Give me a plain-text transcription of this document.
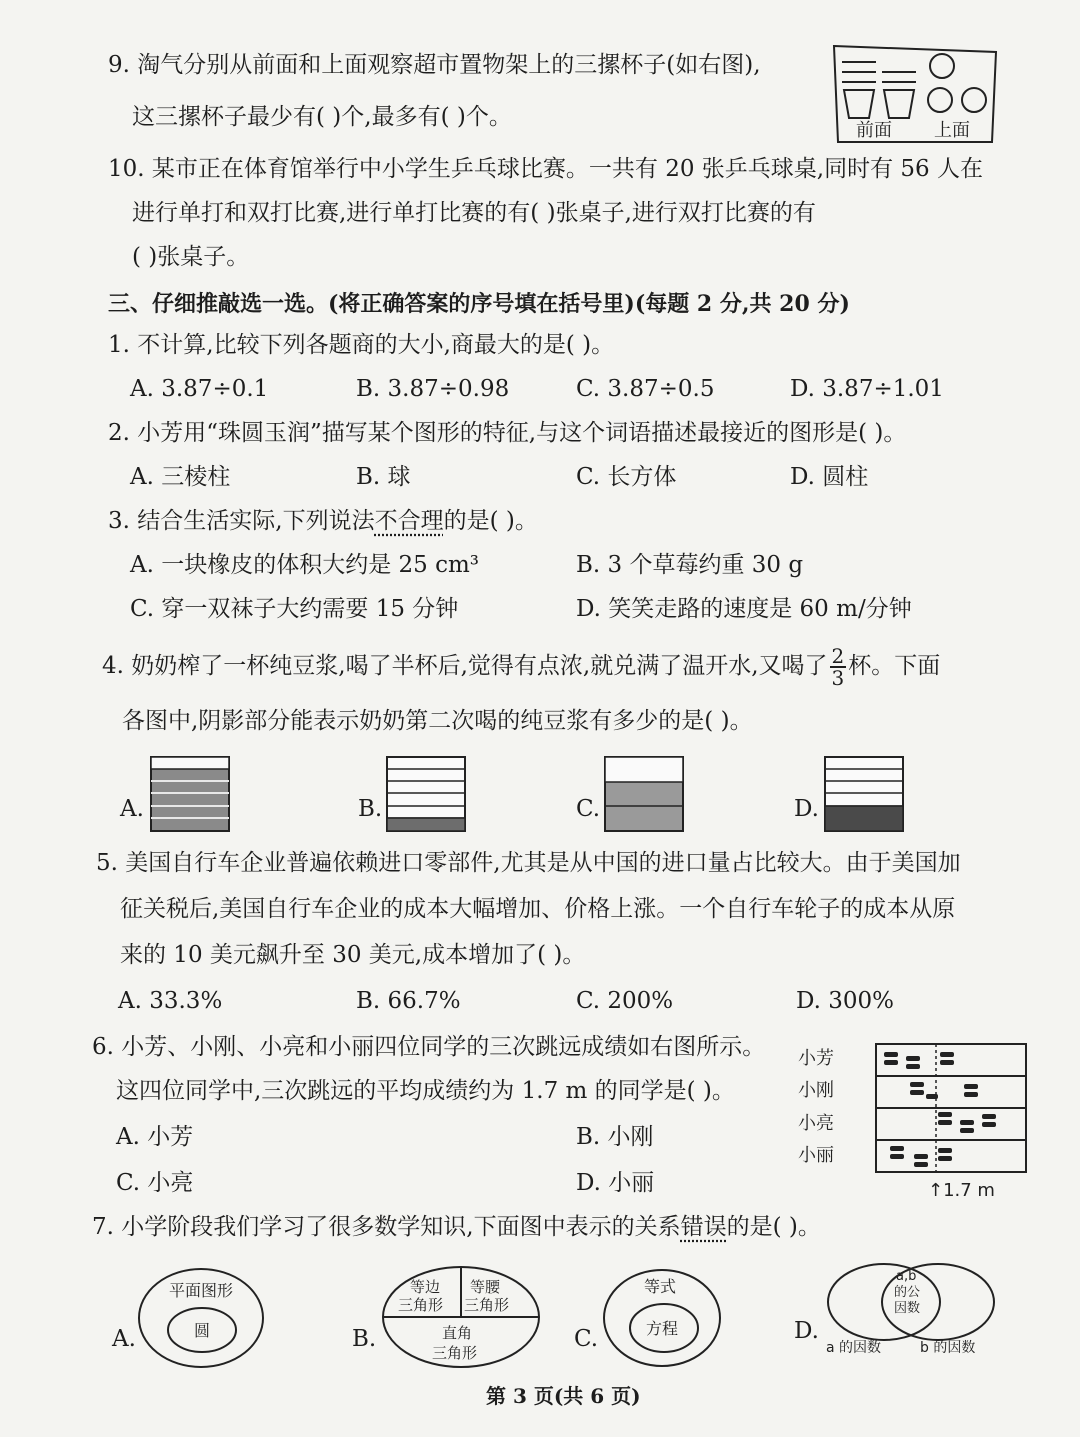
9. 淘气分别从前面和上面观察超市置物架上的三摞杯子(如右图),
这三摞杯子最少有( )个,最多有( )个。
前面 上面
10. 某市正在体育馆举行中小学生乒乓球比赛。一共有 20 张乒乓球桌,同时有 56 人在
进行单打和双打比赛,进行单打比赛的有( )张桌子,进行双打比赛的有
( )张桌子。
三、仔细推敲选一选。(将正确答案的序号填在括号里)(每题 2 分,共 20 分)
1. 不计算,比较下列各题商的大小,商最大的是( )。
A. 3.87÷0.1	B. 3.87÷0.98	C. 3.87÷0.5	D. 3.87÷1.01
2. 小芳用“珠圆玉润”描写某个图形的特征,与这个词语描述最接近的图形是( )。
A. 三棱柱	B. 球	C. 长方体	D. 圆柱
3. 结合生活实际,下列说法不合理的是( )。
A. 一块橡皮的体积大约是 25 cm³	B. 3 个草莓约重 30 g
C. 穿一双袜子大约需要 15 分钟	D. 笑笑走路的速度是 60 m/分钟
4. 奶奶榨了一杯纯豆浆,喝了半杯后,觉得有点浓,就兑满了温开水,又喝了 $\frac{2}{3}$ 杯。下面
各图中,阴影部分能表示奶奶第二次喝的纯豆浆有多少的是( )。
A.	B.	C.	D.
5. 美国自行车企业普遍依赖进口零部件,尤其是从中国的进口量占比较大。由于美国加
征关税后,美国自行车企业的成本大幅增加、价格上涨。一个自行车轮子的成本从原
来的 10 美元飙升至 30 美元,成本增加了( )。
A. 33.3%	B. 66.7%	C. 200%	D. 300%
6. 小芳、小刚、小亮和小丽四位同学的三次跳远成绩如右图所示。
这四位同学中,三次跳远的平均成绩约为 1.7 m 的同学是( )。
A. 小芳	B. 小刚
C. 小亮	D. 小丽
小芳
小刚
小亮
小丽
↑1.7 m
7. 小学阶段我们学习了很多数学知识,下面图中表示的关系错误的是( )。
A.
平面图形
圆	B.
等边
三角形
等腰
三角形
直角
三角形
C.
等式
方程	D.
a,b
的公
因数
a 的因数	b 的因数
第 3 页(共 6 页)
